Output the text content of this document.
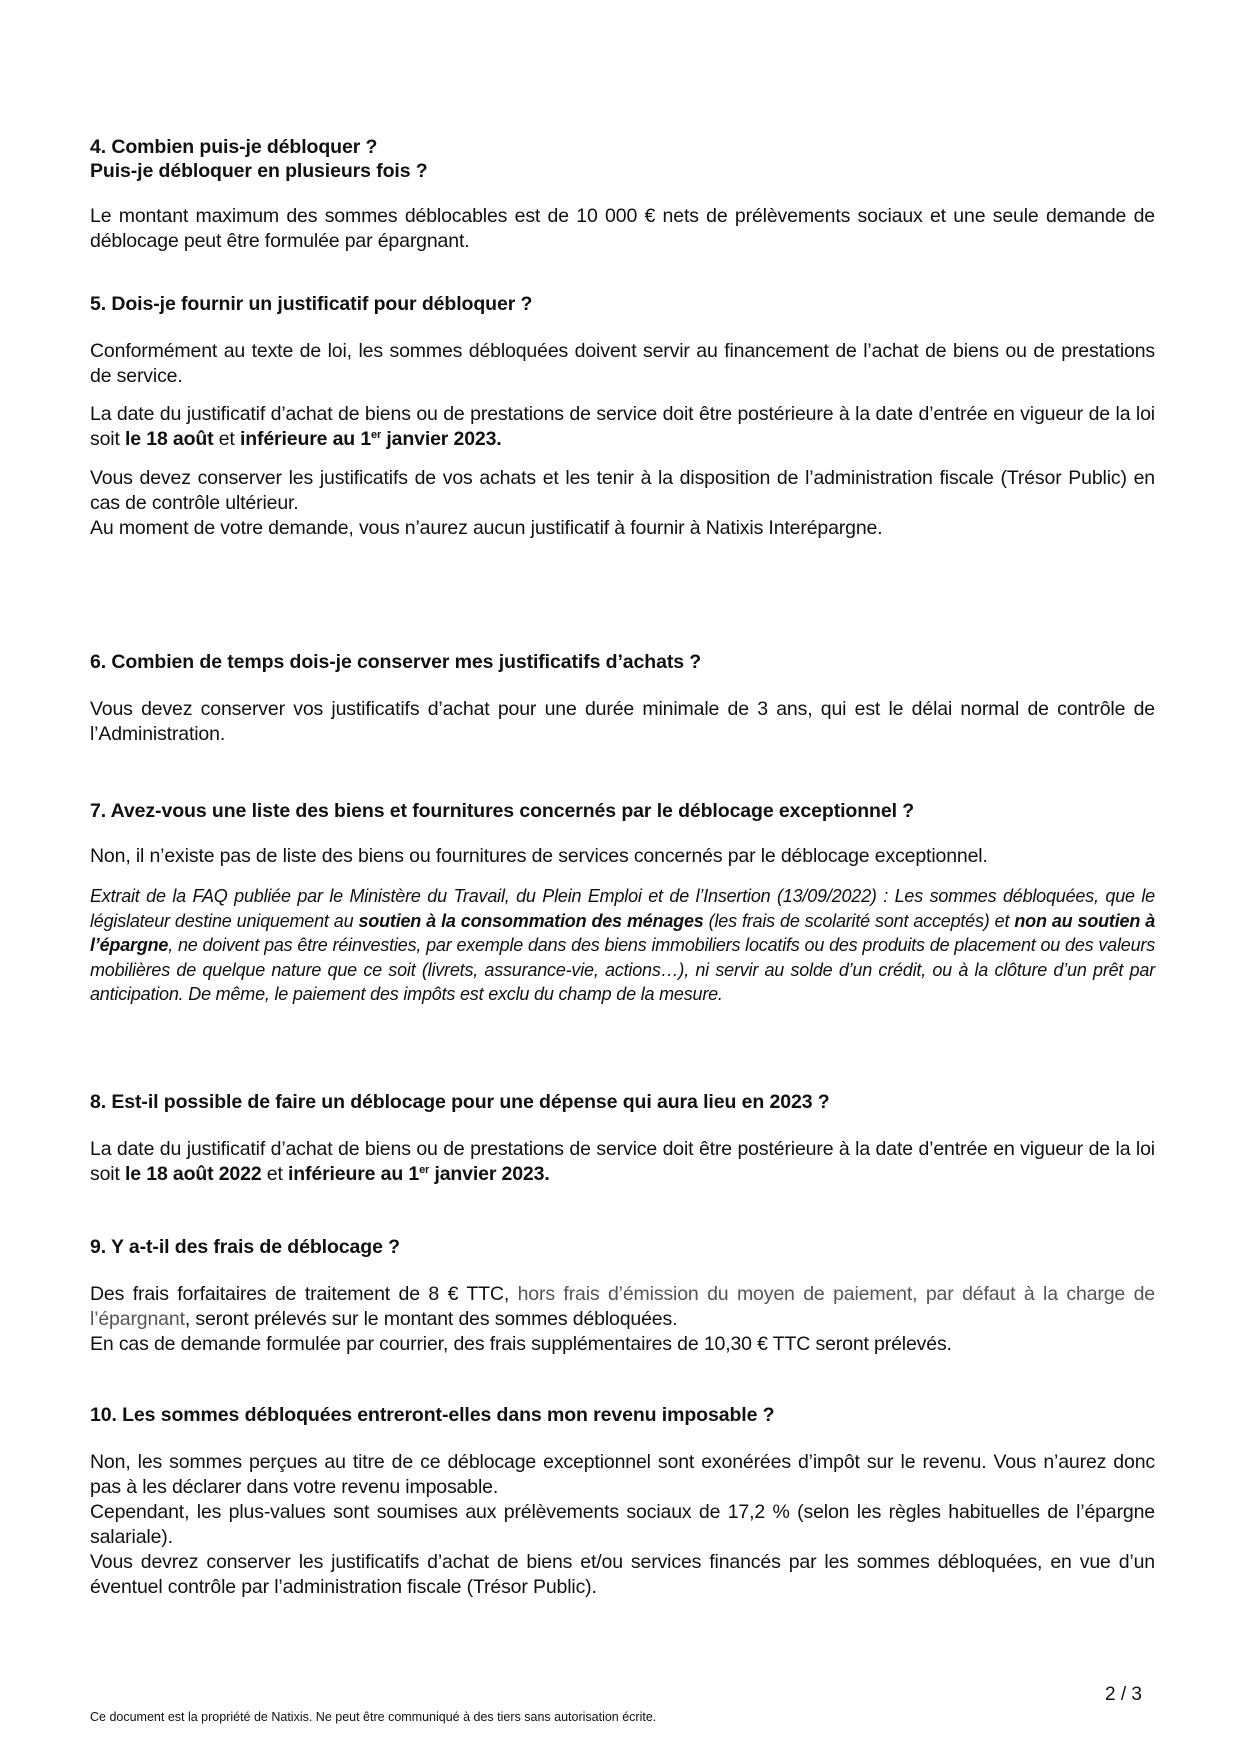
4. Combien puis-je débloquer ?
Puis-je débloquer en plusieurs fois ?
Le montant maximum des sommes déblocables est de 10 000 € nets de prélèvements sociaux et une seule demande de déblocage peut être formulée par épargnant.
5. Dois-je fournir un justificatif pour débloquer ?
Conformément au texte de loi, les sommes débloquées doivent servir au financement de l’achat de biens ou de prestations de service.
La date du justificatif d’achat de biens ou de prestations de service doit être postérieure à la date d’entrée en vigueur de la loi soit le 18 août et inférieure au 1er janvier 2023.
Vous devez conserver les justificatifs de vos achats et les tenir à la disposition de l’administration fiscale (Trésor Public) en cas de contrôle ultérieur.
Au moment de votre demande, vous n’aurez aucun justificatif à fournir à Natixis Interépargne.
6. Combien de temps dois-je conserver mes justificatifs d’achats ?
Vous devez conserver vos justificatifs d’achat pour une durée minimale de 3 ans, qui est le délai normal de contrôle de l’Administration.
7. Avez-vous une liste des biens et fournitures concernés par le déblocage exceptionnel ?
Non, il n’existe pas de liste des biens ou fournitures de services concernés par le déblocage exceptionnel.
Extrait de la FAQ publiée par le Ministère du Travail, du Plein Emploi et de l’Insertion (13/09/2022) : Les sommes débloquées, que le législateur destine uniquement au soutien à la consommation des ménages (les frais de scolarité sont acceptés) et non au soutien à l’épargne, ne doivent pas être réinvesties, par exemple dans des biens immobiliers locatifs ou des produits de placement ou des valeurs mobilières de quelque nature que ce soit (livrets, assurance-vie, actions…), ni servir au solde d’un crédit, ou à la clôture d’un prêt par anticipation. De même, le paiement des impôts est exclu du champ de la mesure.
8. Est-il possible de faire un déblocage pour une dépense qui aura lieu en 2023 ?
La date du justificatif d’achat de biens ou de prestations de service doit être postérieure à la date d’entrée en vigueur de la loi soit le 18 août 2022 et inférieure au 1er janvier 2023.
9. Y a-t-il des frais de déblocage ?
Des frais forfaitaires de traitement de 8 € TTC, hors frais d’émission du moyen de paiement, par défaut à la charge de l’épargnant, seront prélevés sur le montant des sommes débloquées.
En cas de demande formulée par courrier, des frais supplémentaires de 10,30 € TTC seront prélevés.
10. Les sommes débloquées entreront-elles dans mon revenu imposable ?
Non, les sommes perçues au titre de ce déblocage exceptionnel sont exonérées d’impôt sur le revenu. Vous n’aurez donc pas à les déclarer dans votre revenu imposable.
Cependant, les plus-values sont soumises aux prélèvements sociaux de 17,2 % (selon les règles habituelles de l’épargne salariale).
Vous devrez conserver les justificatifs d’achat de biens et/ou services financés par les sommes débloquées, en vue d’un éventuel contrôle par l’administration fiscale (Trésor Public).
2 / 3
Ce document est la propriété de Natixis. Ne peut être communiqué à des tiers sans autorisation écrite.
